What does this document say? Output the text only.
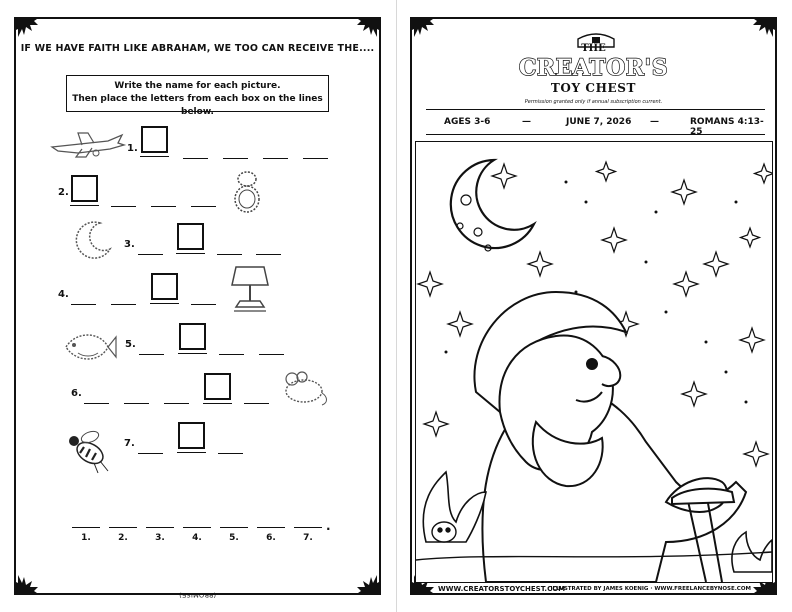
IF WE HAVE FAITH LIKE ABRAHAM, WE TOO CAN RECEIVE THE....
Write the name for each picture.
Then place the letters from each box on the lines below.
1.
2.
3.
4.
5.
6.
7.
.
1.	2.	3.	4.	5.	6.	7.
(PROMISE)
THE
CREATOR'S
TOY CHEST
Permission granted only if annual subscription current.
AGES 3-6	—	JUNE 7, 2026 —	ROMANS 4:13-25
WWW.CREATORSTOYCHEST.COM
ILLUSTRATED BY JAMES KOENIG · WWW.FREELANCEBYNOSE.COM
